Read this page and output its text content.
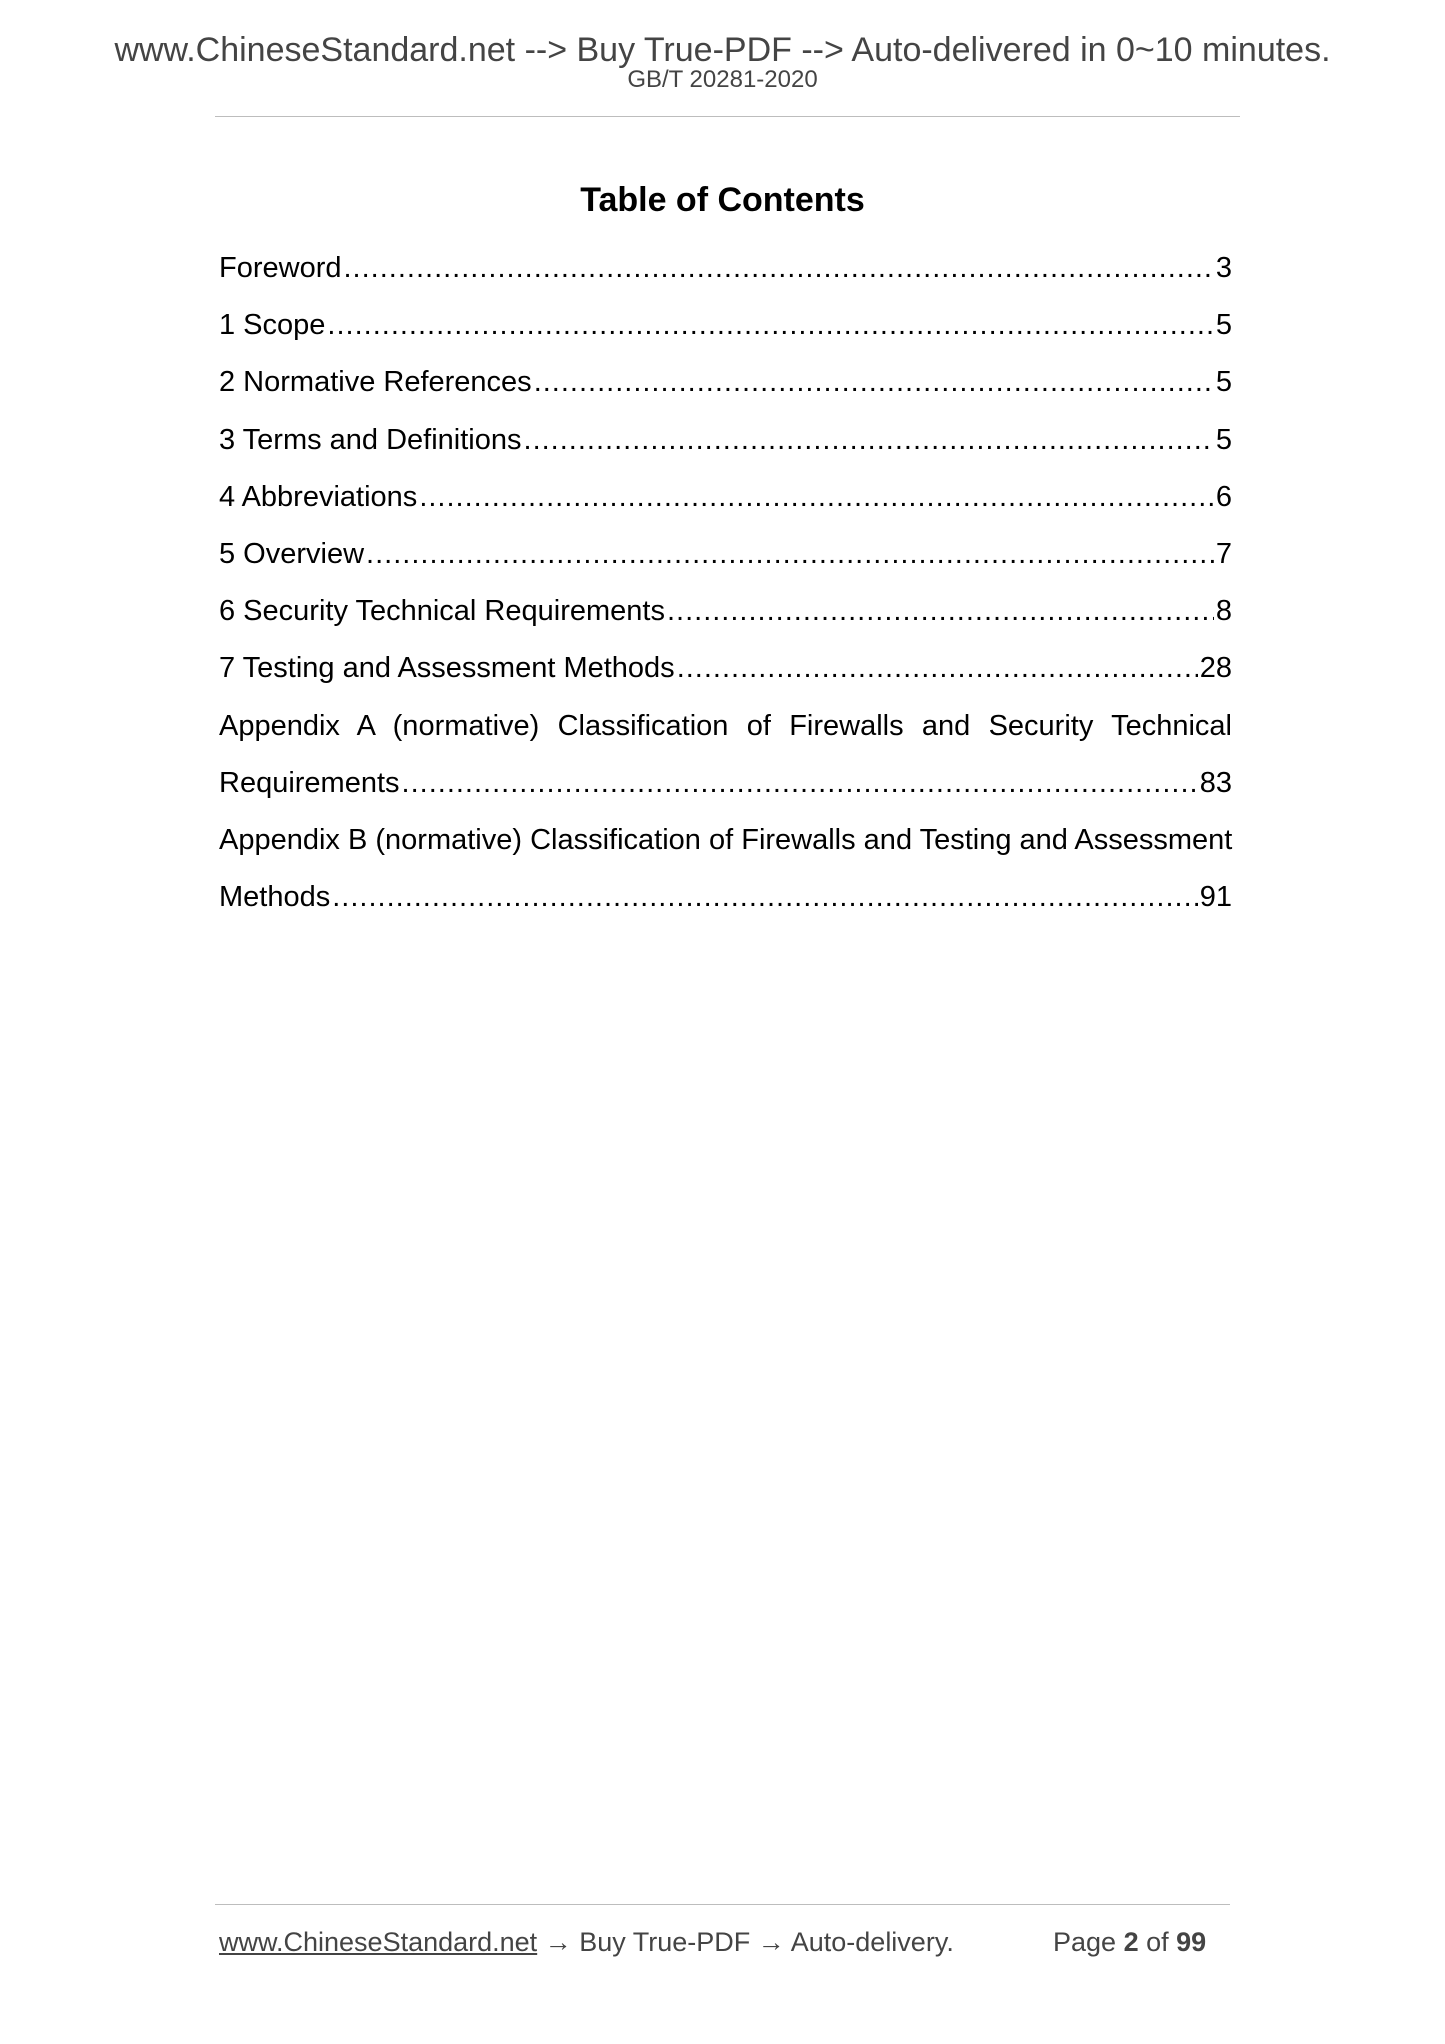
www.ChineseStandard.net --> Buy True-PDF --> Auto-delivered in 0~10 minutes.
GB/T 20281-2020
Table of Contents
Foreword .....	3
1 Scope .....	5
2 Normative References .....	5
3 Terms and Definitions .....	5
4 Abbreviations .....	6
5 Overview .....	7
6 Security Technical Requirements .....	8
7 Testing and Assessment Methods .....	28
Appendix A (normative) Classification of Firewalls and Security Technical
Requirements .....	83
Appendix B (normative) Classification of Firewalls and Testing and Assessment
Methods .....	91
www.ChineseStandard.net → Buy True-PDF → Auto-delivery.	Page 2 of 99
